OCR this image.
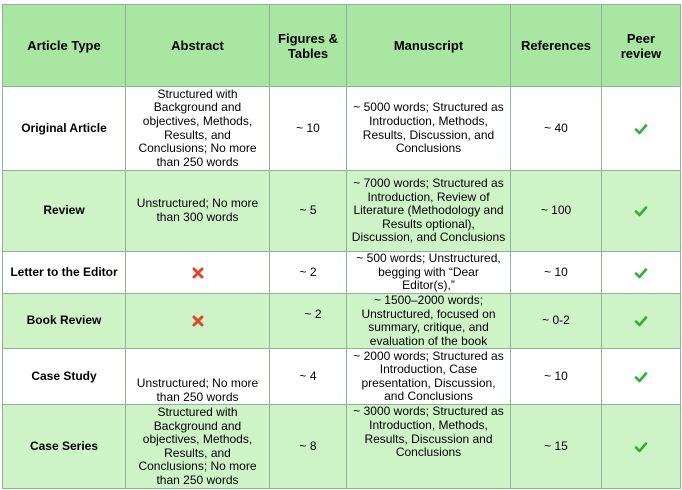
Article Type	Abstract	Figures & Tables	Manuscript	References	Peer review
Original Article	Structured with Background and objectives, Methods, Results, and Conclusions; No more than 250 words	~ 10	~ 5000 words; Structured as Introduction, Methods, Results, Discussion, and Conclusions	~ 40	
Review	Unstructured; No more than 300 words	~ 5	~ 7000 words; Structured as Introduction, Review of Literature (Methodology and Results optional), Discussion, and Conclusions	~ 100	
Letter to the Editor		~ 2	~ 500 words; Unstructured, begging with “Dear Editor(s),”	~ 10	
Book Review		~ 2	~ 1500–2000 words; Unstructured, focused on summary, critique, and evaluation of the book	~ 0-2	
Case Study	Unstructured; No more than 250 words	~ 4	~ 2000 words; Structured as Introduction, Case presentation, Discussion, and Conclusions	~ 10	
Case Series	Structured with Background and objectives, Methods, Results, and Conclusions; No more than 250 words	~ 8	~ 3000 words; Structured as Introduction, Methods, Results, Discussion and Conclusions	~ 15	
